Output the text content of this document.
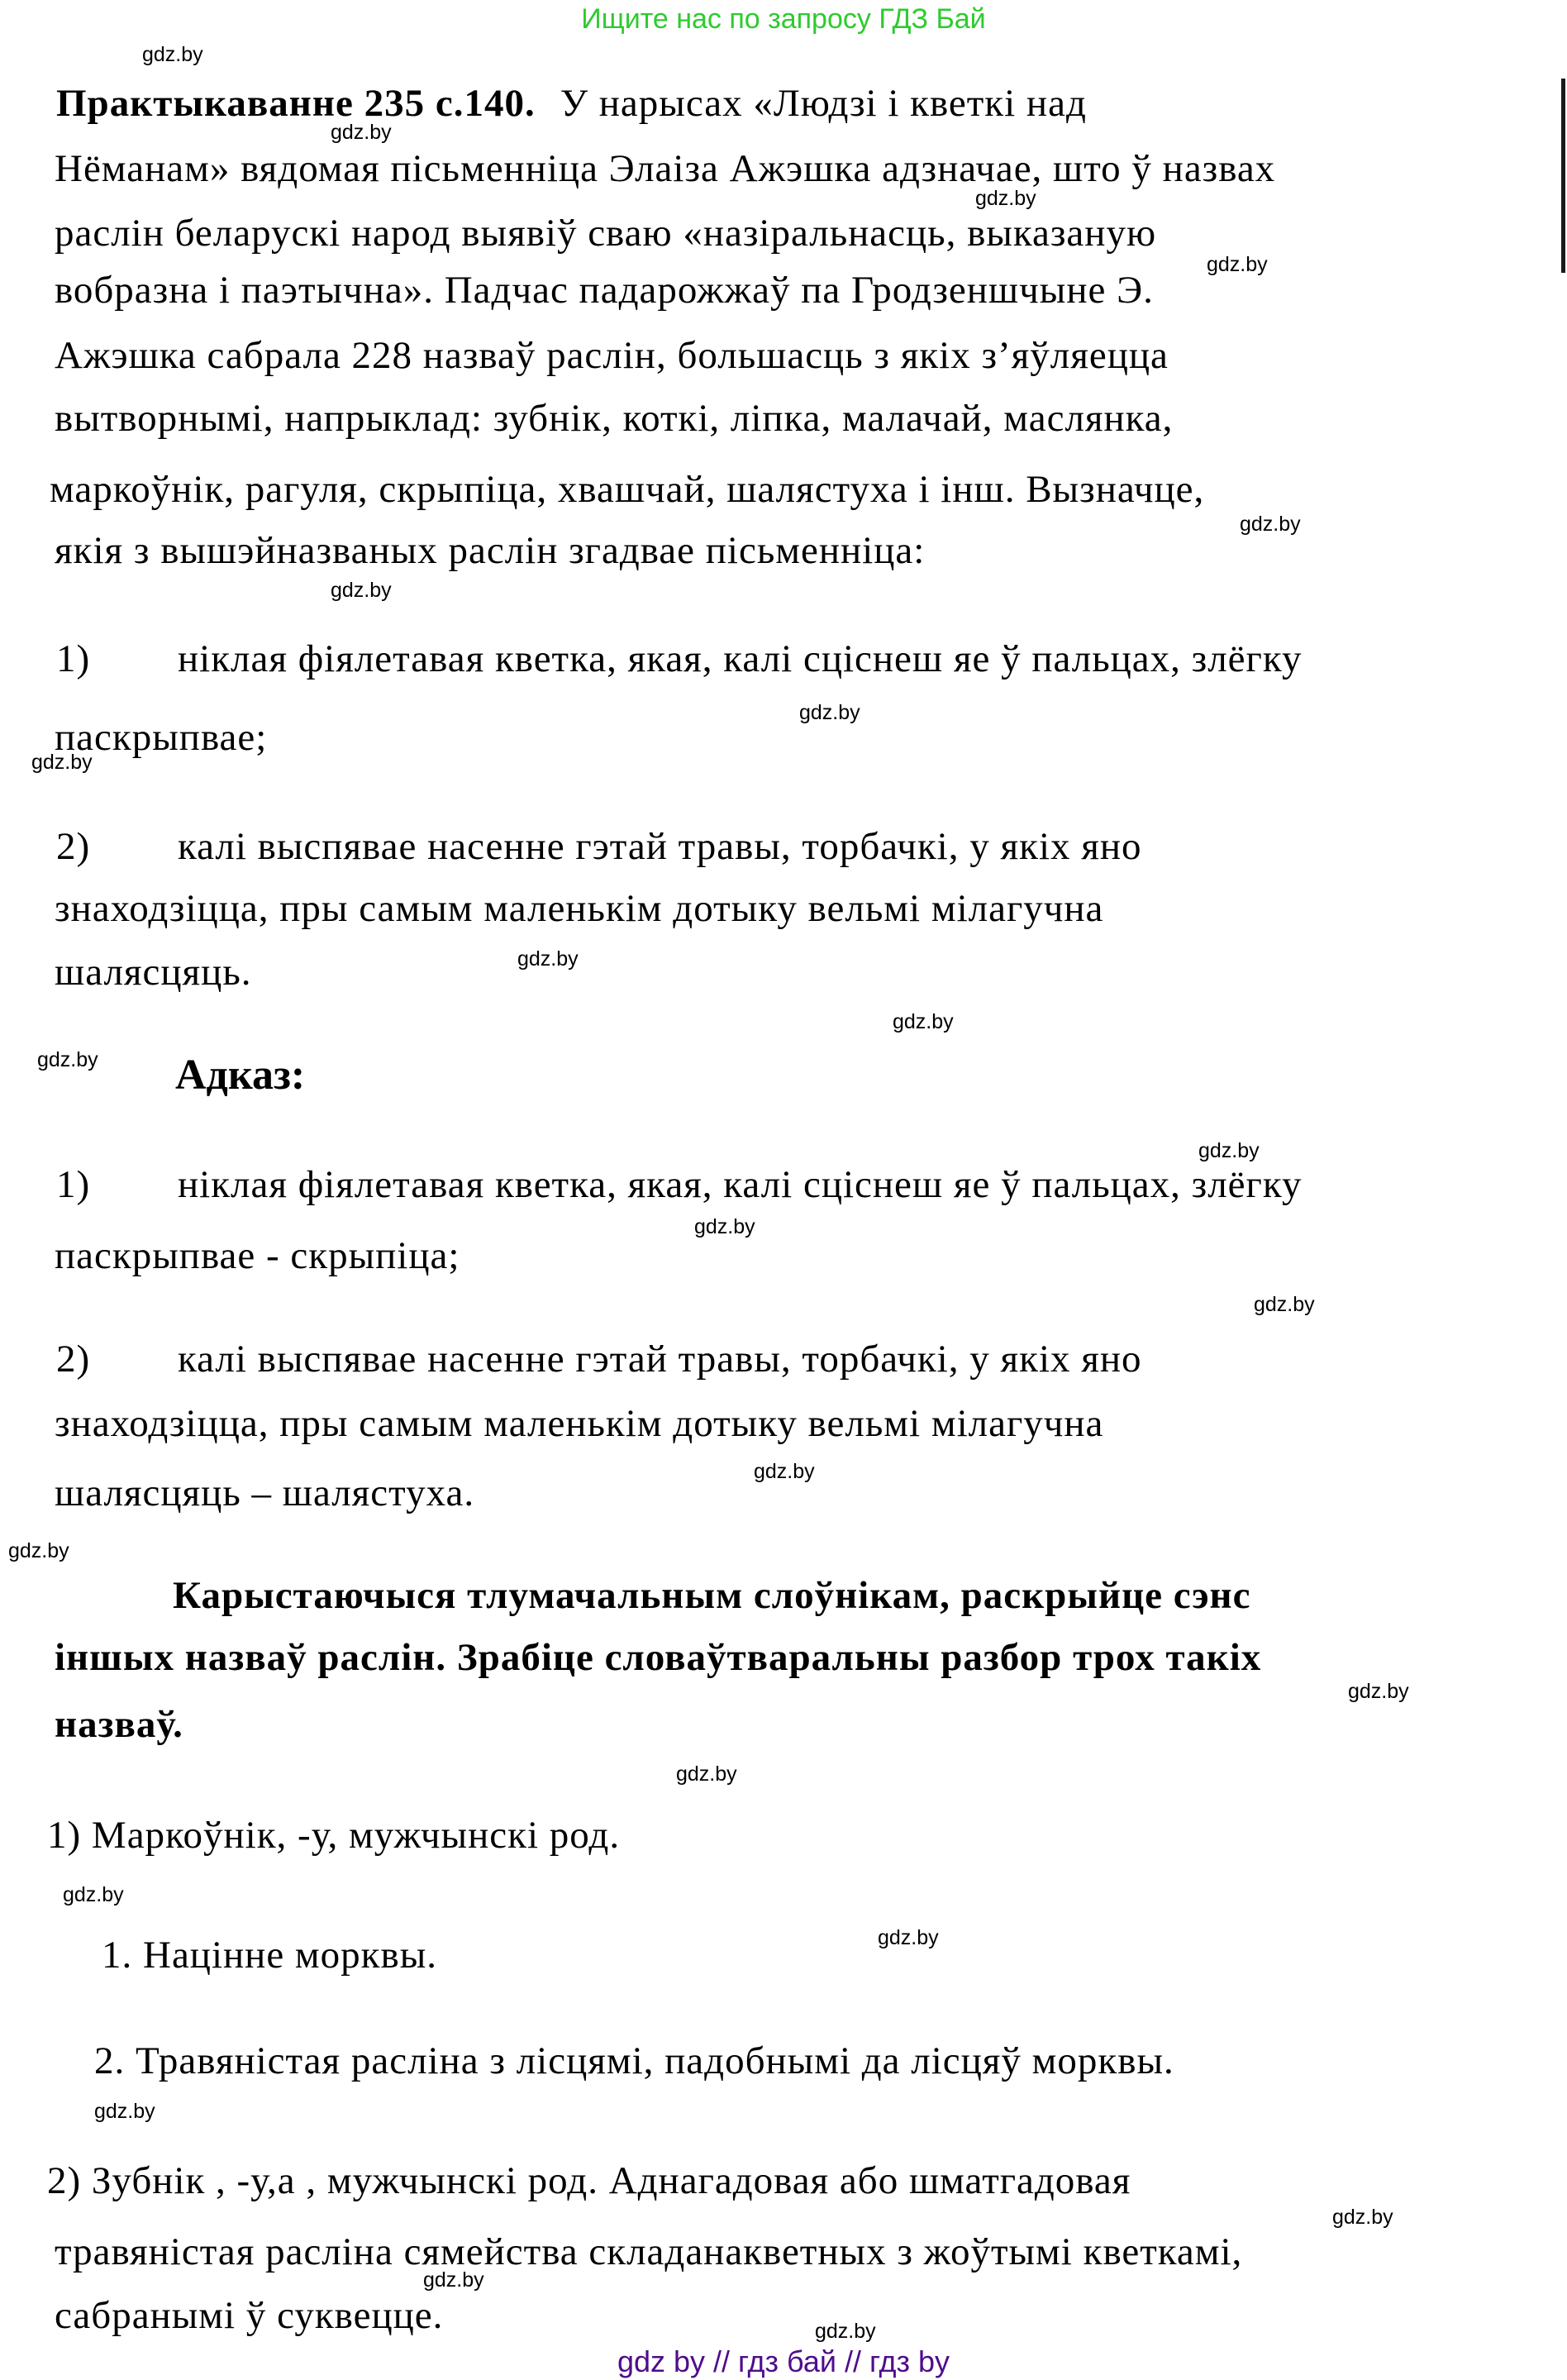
Ищите нас по запросу ГДЗ Бай
gdz.by
gdz.by
gdz.by
gdz.by
gdz.by
gdz.by
gdz.by
gdz.by
gdz.by
gdz.by
gdz.by
gdz.by
gdz.by
gdz.by
gdz.by
gdz.by
gdz.by
gdz.by
gdz.by
gdz.by
gdz.by
gdz.by
gdz.by
gdz.by
Практыкаванне 235 с.140. У нарысах «Людзі і кветкі над
Нёманам» вядомая пісьменніца Элаіза Ажэшка адзначае, што ў назвах
раслін беларускі народ выявіў сваю «назіральнасць, выказаную
вобразна і паэтычна». Падчас падарожжаў па Гродзеншчыне Э.
Ажэшка сабрала 228 назваў раслін, большасць з якіх з’яўляецца
вытворнымі, напрыклад: зубнік, коткі, ліпка, малачай, маслянка,
маркоўнік, рагуля, скрыпіца, хвашчай, шалястуха і інш. Вызначце,
якія з вышэйназваных раслін згадвае пісьменніца:
1) ніклая фіялетавая кветка, якая, калі сціснеш яе ў пальцах, злёгку
паскрыпвае;
2) калі выспявае насенне гэтай травы, торбачкі, у якіх яно
знаходзіцца, пры самым маленькім дотыку вельмі мілагучна
шалясцяць.
Адказ:
1) ніклая фіялетавая кветка, якая, калі сціснеш яе ў пальцах, злёгку
паскрыпвае - скрыпіца;
2) калі выспявае насенне гэтай травы, торбачкі, у якіх яно
знаходзіцца, пры самым маленькім дотыку вельмі мілагучна
шалясцяць – шалястуха.
Карыстаючыся тлумачальным слоўнікам, раскрыйце сэнс
іншых назваў раслін. Зрабіце словаўтваральны разбор трох такіх
назваў.
1) Маркоўнік, -у, мужчынскі род.
1. Націнне морквы.
2. Травяністая расліна з лісцямі, падобнымі да лісцяў морквы.
2) Зубнік , -у,а , мужчынскі род. Аднагадовая або шматгадовая
травяністая расліна сямейства складанакветных з жоўтымі кветкамі,
сабранымі ў суквецце.
gdz by // гдз бай // гдз by
